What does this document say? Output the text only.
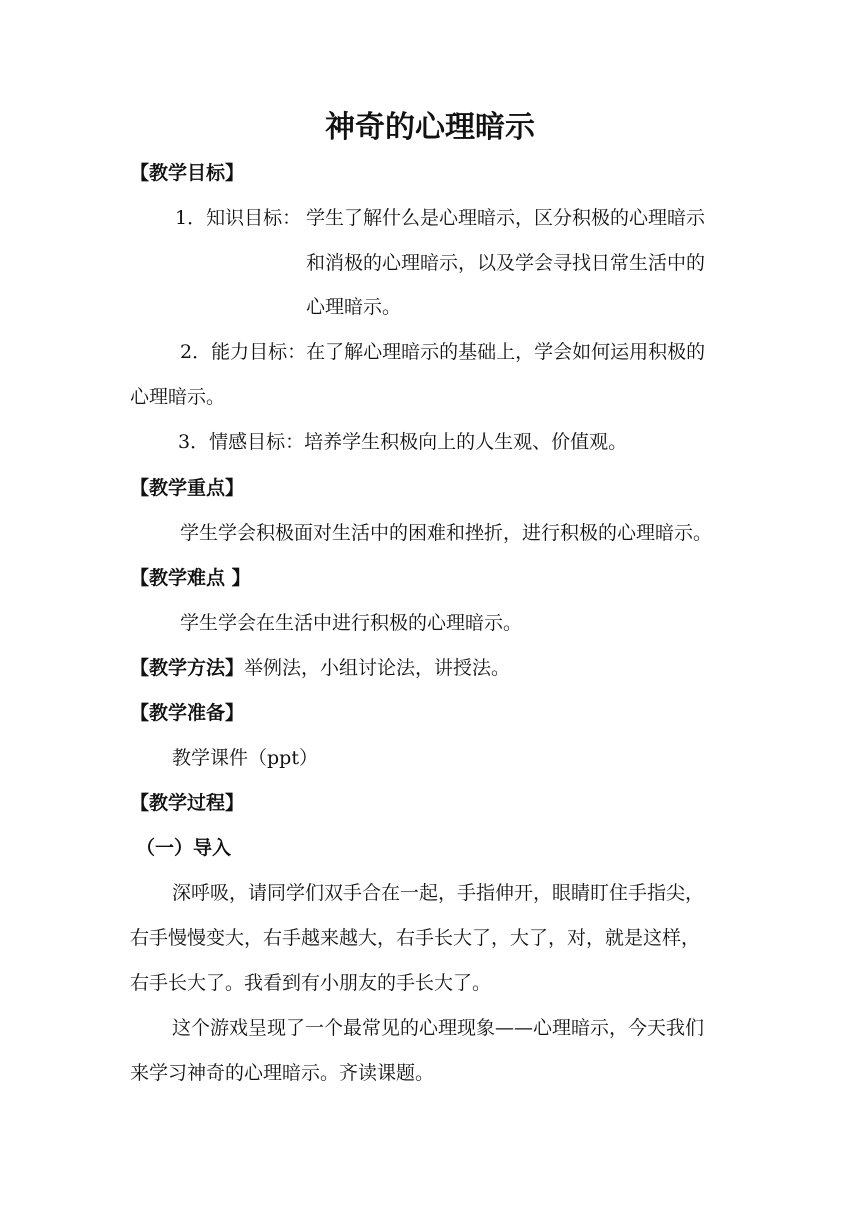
神奇的心理暗示
【教学目标】
1．知识目标： 学生了解什么是心理暗示，区分积极的心理暗示
和消极的心理暗示，以及学会寻找日常生活中的
心理暗示。
2．能力目标：在了解心理暗示的基础上，学会如何运用积极的
心理暗示。
3．情感目标：培养学生积极向上的人生观、价值观。
【教学重点】
学生学会积极面对生活中的困难和挫折，进行积极的心理暗示。
【教学难点 】
学生学会在生活中进行积极的心理暗示。
【教学方法】举例法，小组讨论法，讲授法。
【教学准备】
教学课件（ppt）
【教学过程】
（一）导入
深呼吸，请同学们双手合在一起，手指伸开，眼睛盯住手指尖，
右手慢慢变大，右手越来越大，右手长大了，大了，对，就是这样，
右手长大了。我看到有小朋友的手长大了。
这个游戏呈现了一个最常见的心理现象——心理暗示，今天我们
来学习神奇的心理暗示。齐读课题。
